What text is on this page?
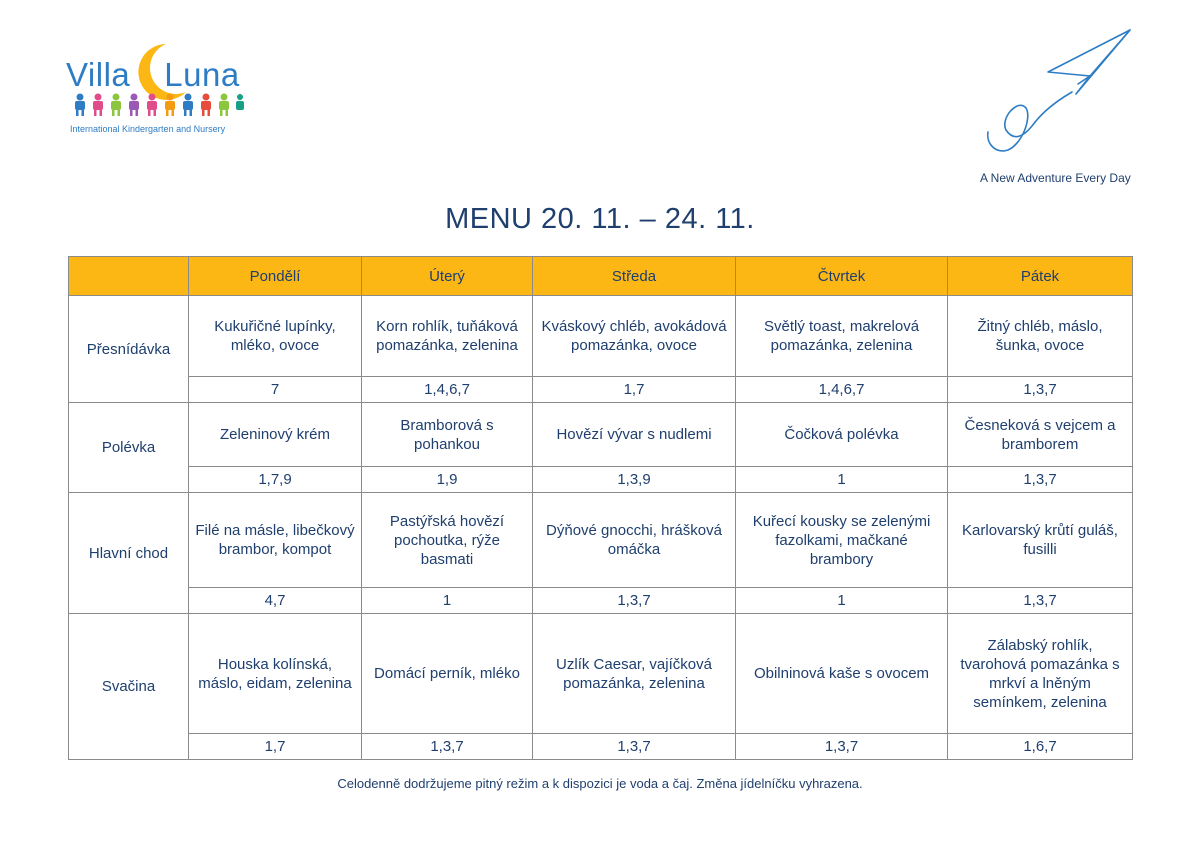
Villa Luna
International Kindergarten and Nursery
A New Adventure Every Day
MENU 20. 11. – 24. 11.
	Pondělí	Úterý	Středa	Čtvrtek	Pátek
Přesnídávka	Kukuřičné lupínky, mléko, ovoce	Korn rohlík, tuňáková pomazánka, zelenina	Kváskový chléb, avokádová pomazánka, ovoce	Světlý toast, makrelová pomazánka, zelenina	Žitný chléb, máslo, šunka, ovoce
	7	1,4,6,7	1,7	1,4,6,7	1,3,7
Polévka	Zeleninový krém	Bramborová s pohankou	Hovězí vývar s nudlemi	Čočková polévka	Česneková s vejcem a bramborem
	1,7,9	1,9	1,3,9	1	1,3,7
Hlavní chod	Filé na másle, libečkový brambor, kompot	Pastýřská hovězí pochoutka, rýže basmati	Dýňové gnocchi, hrášková omáčka	Kuřecí kousky se zelenými fazolkami, mačkané brambory	Karlovarský krůtí guláš, fusilli
	4,7	1	1,3,7	1	1,3,7
Svačina	Houska kolínská, máslo, eidam, zelenina	Domácí perník, mléko	Uzlík Caesar, vajíčková pomazánka, zelenina	Obilninová kaše s ovocem	Zálabský rohlík, tvarohová pomazánka s mrkví a lněným semínkem, zelenina
	1,7	1,3,7	1,3,7	1,3,7	1,6,7
Celodenně dodržujeme pitný režim a k dispozici je voda a čaj. Změna jídelníčku vyhrazena.
